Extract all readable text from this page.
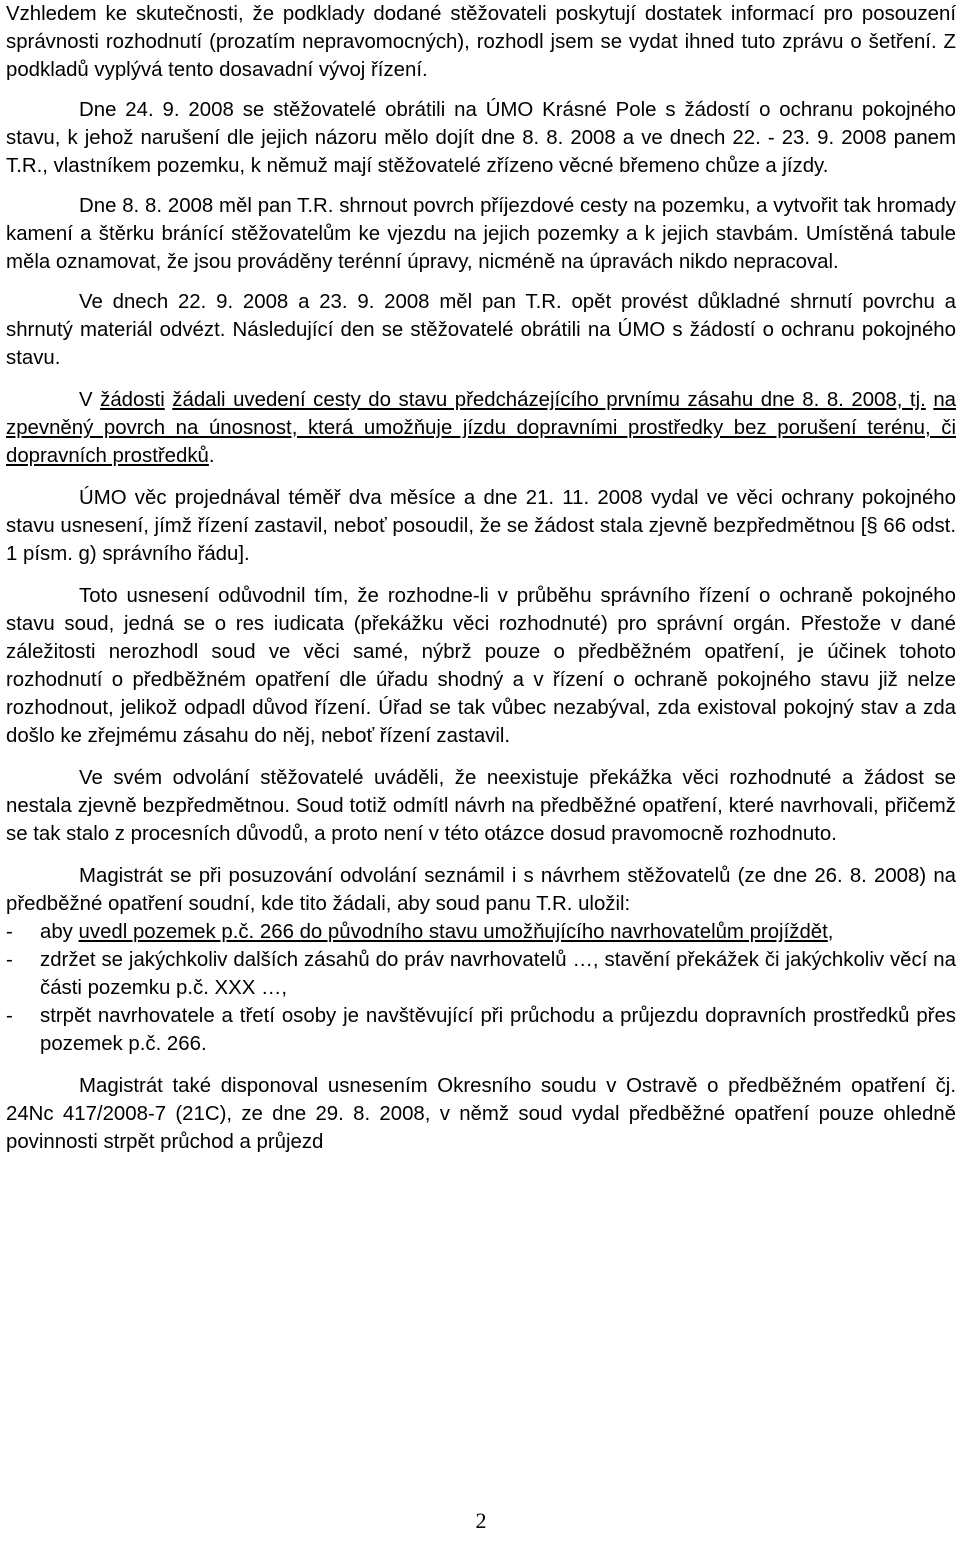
Vzhledem ke skutečnosti, že podklady dodané stěžovateli poskytují dostatek informací pro posouzení správnosti rozhodnutí (prozatím nepravomocných), rozhodl jsem se vydat ihned tuto zprávu o šetření. Z podkladů vyplývá tento dosavadní vývoj řízení.

Dne 24. 9. 2008 se stěžovatelé obrátili na ÚMO Krásné Pole s žádostí o ochranu pokojného stavu, k jehož narušení dle jejich názoru mělo dojít dne 8. 8. 2008 a ve dnech 22. - 23. 9. 2008 panem T.R., vlastníkem pozemku, k němuž mají stěžovatelé zřízeno věcné břemeno chůze a jízdy.

Dne 8. 8. 2008 měl pan T.R. shrnout povrch příjezdové cesty na pozemku, a vytvořit tak hromady kamení a štěrku bránící stěžovatelům ke vjezdu na jejich pozemky a k jejich stavbám. Umístěná tabule měla oznamovat, že jsou prováděny terénní úpravy, nicméně na úpravách nikdo nepracoval.

Ve dnech 22. 9. 2008 a 23. 9. 2008 měl pan T.R. opět provést důkladné shrnutí povrchu a shrnutý materiál odvézt. Následující den se stěžovatelé obrátili na ÚMO s žádostí o ochranu pokojného stavu.

V žádosti žádali uvedení cesty do stavu předcházejícího prvnímu zásahu dne 8. 8. 2008, tj. na zpevněný povrch na únosnost, která umožňuje jízdu dopravními prostředky bez porušení terénu, či dopravních prostředků.

ÚMO věc projednával téměř dva měsíce a dne 21. 11. 2008 vydal ve věci ochrany pokojného stavu usnesení, jímž řízení zastavil, neboť posoudil, že se žádost stala zjevně bezpředmětnou [§ 66 odst. 1 písm. g) správního řádu].

Toto usnesení odůvodnil tím, že rozhodne-li v průběhu správního řízení o ochraně pokojného stavu soud, jedná se o res iudicata (překážku věci rozhodnuté) pro správní orgán. Přestože v dané záležitosti nerozhodl soud ve věci samé, nýbrž pouze o předběžném opatření, je účinek tohoto rozhodnutí o předběžném opatření dle úřadu shodný a v řízení o ochraně pokojného stavu již nelze rozhodnout, jelikož odpadl důvod řízení. Úřad se tak vůbec nezabýval, zda existoval pokojný stav a zda došlo ke zřejmému zásahu do něj, neboť řízení zastavil.

Ve svém odvolání stěžovatelé uváděli, že neexistuje překážka věci rozhodnuté a žádost se nestala zjevně bezpředmětnou. Soud totiž odmítl návrh na předběžné opatření, které navrhovali, přičemž se tak stalo z procesních důvodů, a proto není v této otázce dosud pravomocně rozhodnuto.

Magistrát se při posuzování odvolání seznámil i s návrhem stěžovatelů (ze dne 26. 8. 2008) na předběžné opatření soudní, kde tito žádali, aby soud panu T.R. uložil:

- aby uvedl pozemek p.č. 266 do původního stavu umožňujícího navrhovatelům projíždět,
- zdržet se jakýchkoliv dalších zásahů do práv navrhovatelů …, stavění překážek či jakýchkoliv věcí na části pozemku p.č. XXX …,
- strpět navrhovatele a třetí osoby je navštěvující při průchodu a průjezdu dopravních prostředků přes pozemek p.č. 266.

Magistrát také disponoval usnesením Okresního soudu v Ostravě o předběžném opatření čj. 24Nc 417/2008-7 (21C), ze dne 29. 8. 2008, v němž soud vydal předběžné opatření pouze ohledně povinnosti strpět průchod a průjezd

2
